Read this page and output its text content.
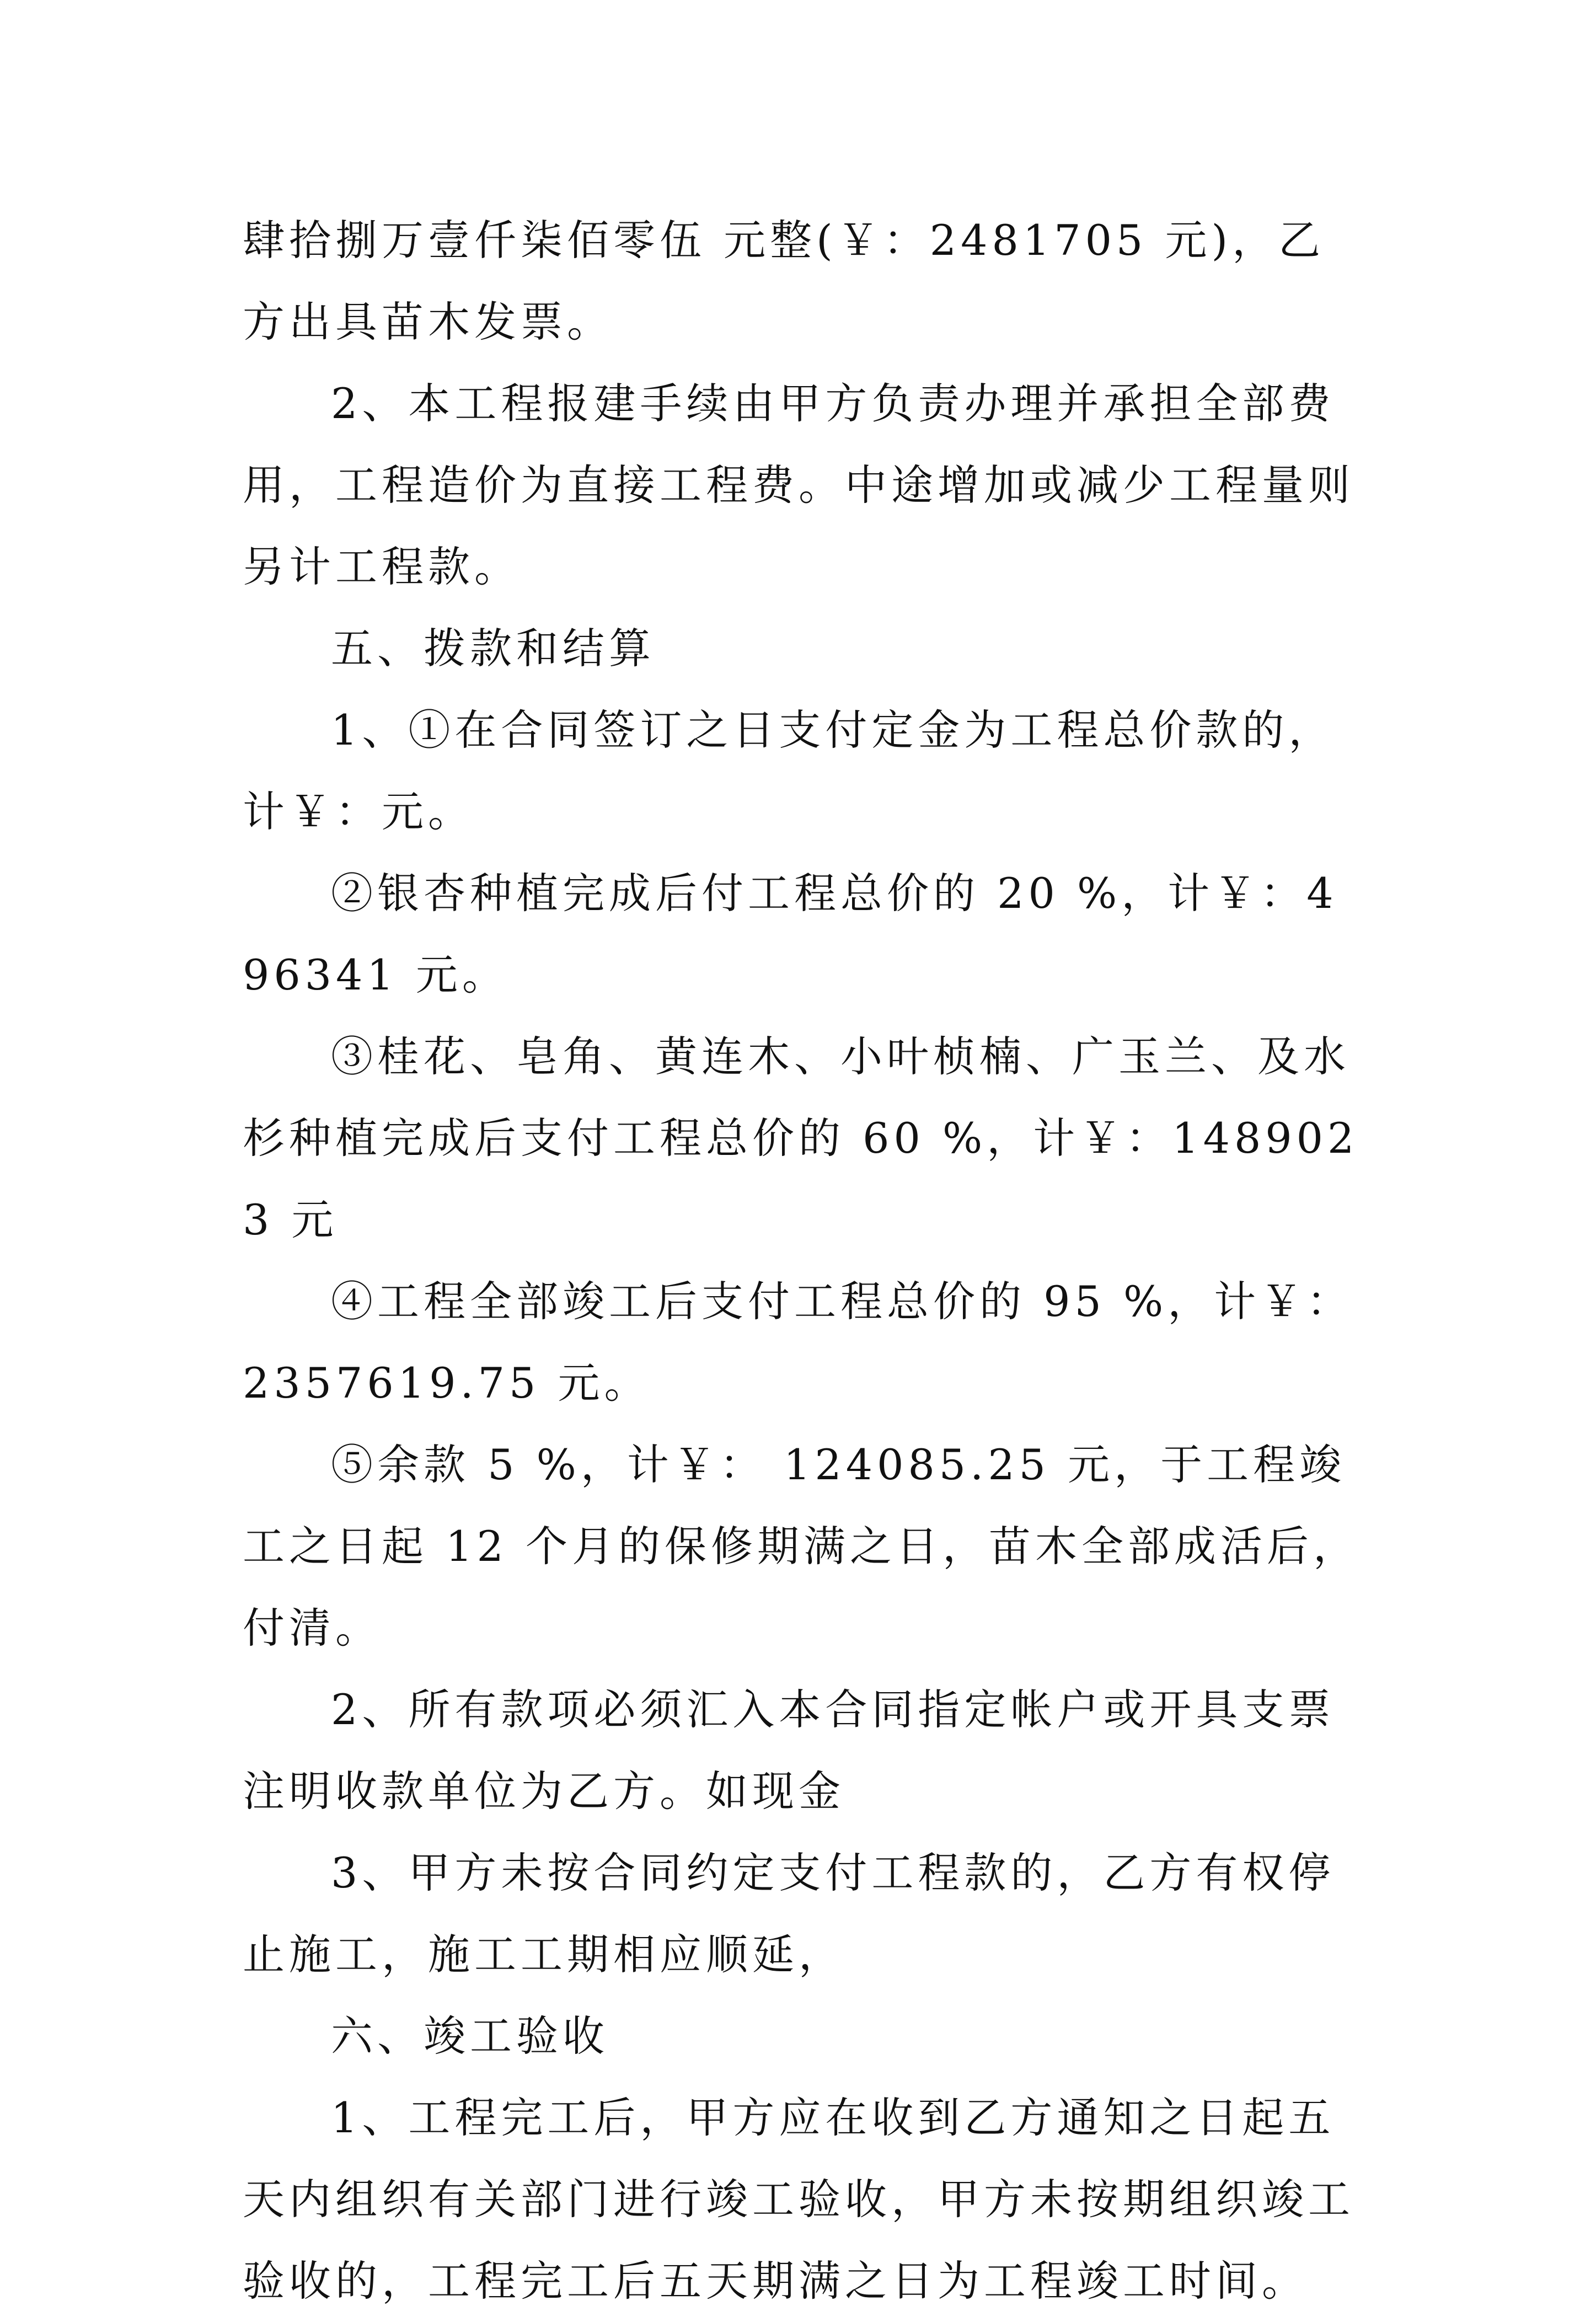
肆拾捌万壹仟柒佰零伍 元整(￥：2481705 元)，乙方出具苗木发票。

2、本工程报建手续由甲方负责办理并承担全部费用，工程造价为直接工程费。中途增加或减少工程量则另计工程款。

五、拨款和结算

1、①在合同签订之日支付定金为工程总价款的，计￥：元。

②银杏种植完成后付工程总价的 20 %，计￥：496341 元。

③桂花、皂角、黄连木、小叶桢楠、广玉兰、及水杉种植完成后支付工程总价的 60 %，计￥：1489023 元

④工程全部竣工后支付工程总价的 95 %，计￥：2357619.75 元。

⑤余款 5 %，计￥： 124085.25 元，于工程竣工之日起 12 个月的保修期满之日，苗木全部成活后，付清。

2、所有款项必须汇入本合同指定帐户或开具支票注明收款单位为乙方。如现金

3、甲方未按合同约定支付工程款的，乙方有权停止施工，施工工期相应顺延，

六、竣工验收

1、工程完工后，甲方应在收到乙方通知之日起五天内组织有关部门进行竣工验收，甲方未按期组织竣工验收的，工程完工后五天期满之日为工程竣工时间。
